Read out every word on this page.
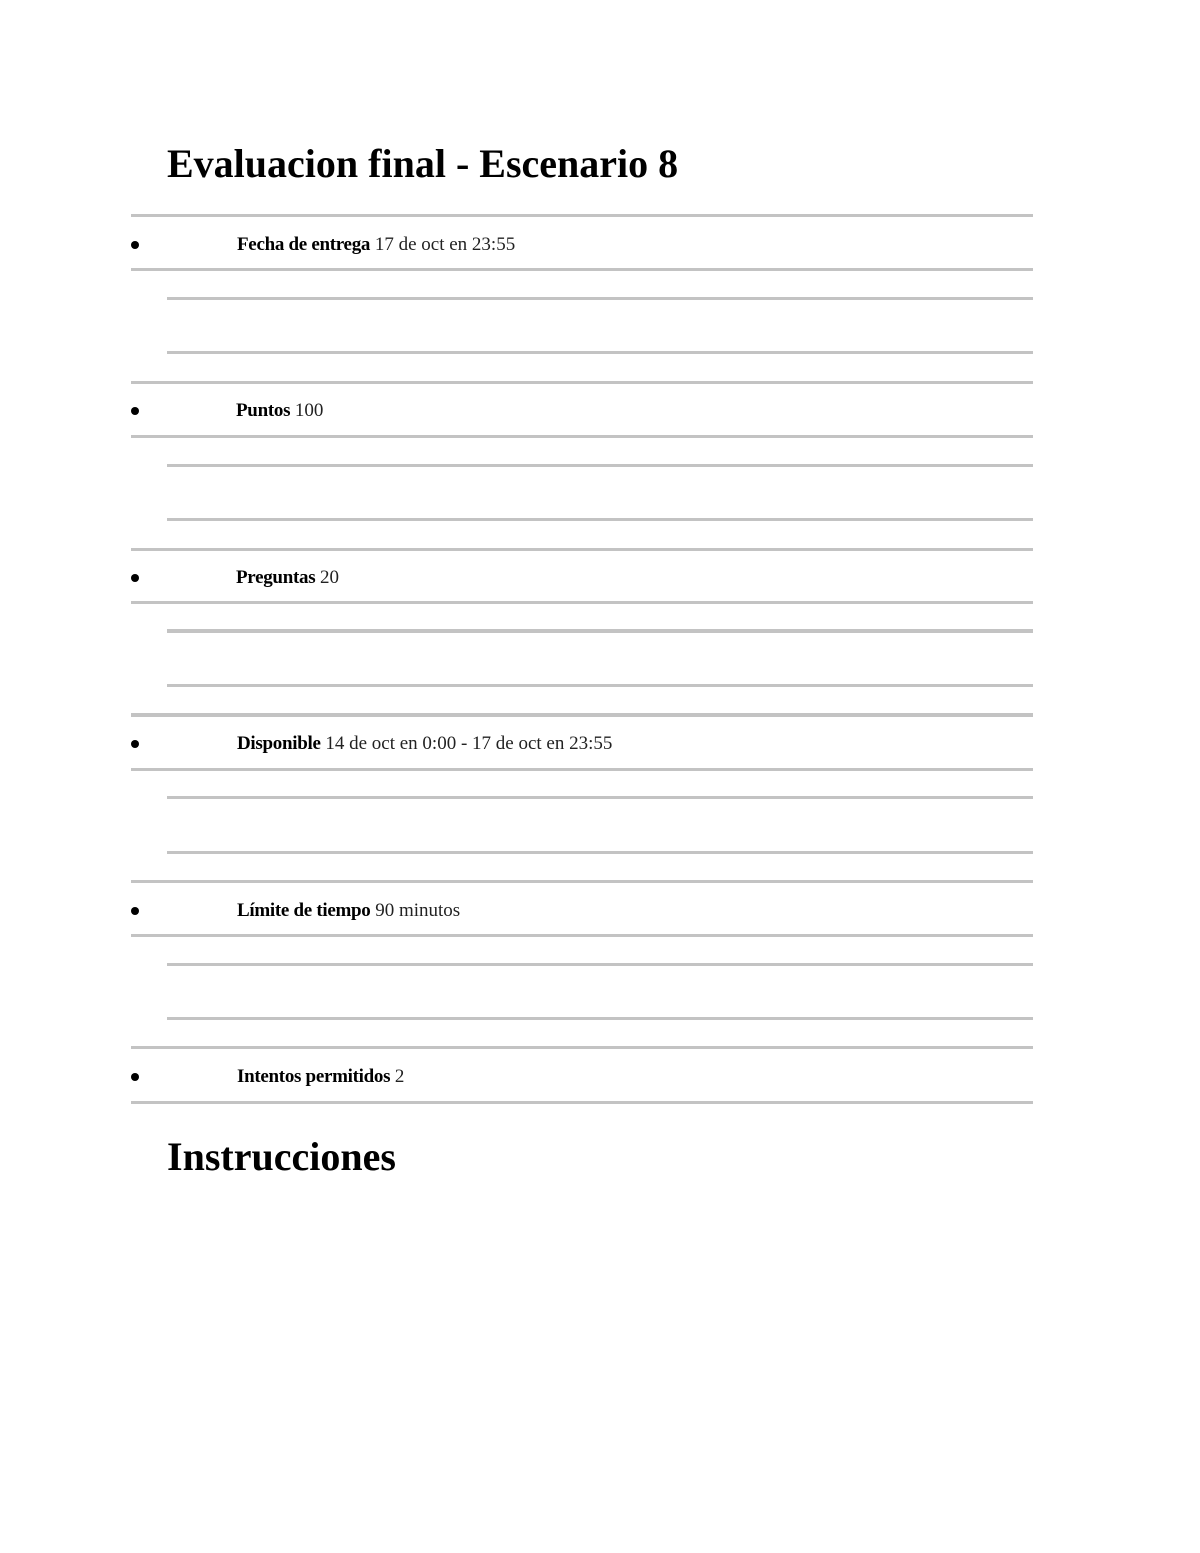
Evaluacion final - Escenario 8
Fecha de entrega 17 de oct en 23:55
Puntos 100
Preguntas 20
Disponible 14 de oct en 0:00 - 17 de oct en 23:55
Límite de tiempo 90 minutos
Intentos permitidos 2
Instrucciones
